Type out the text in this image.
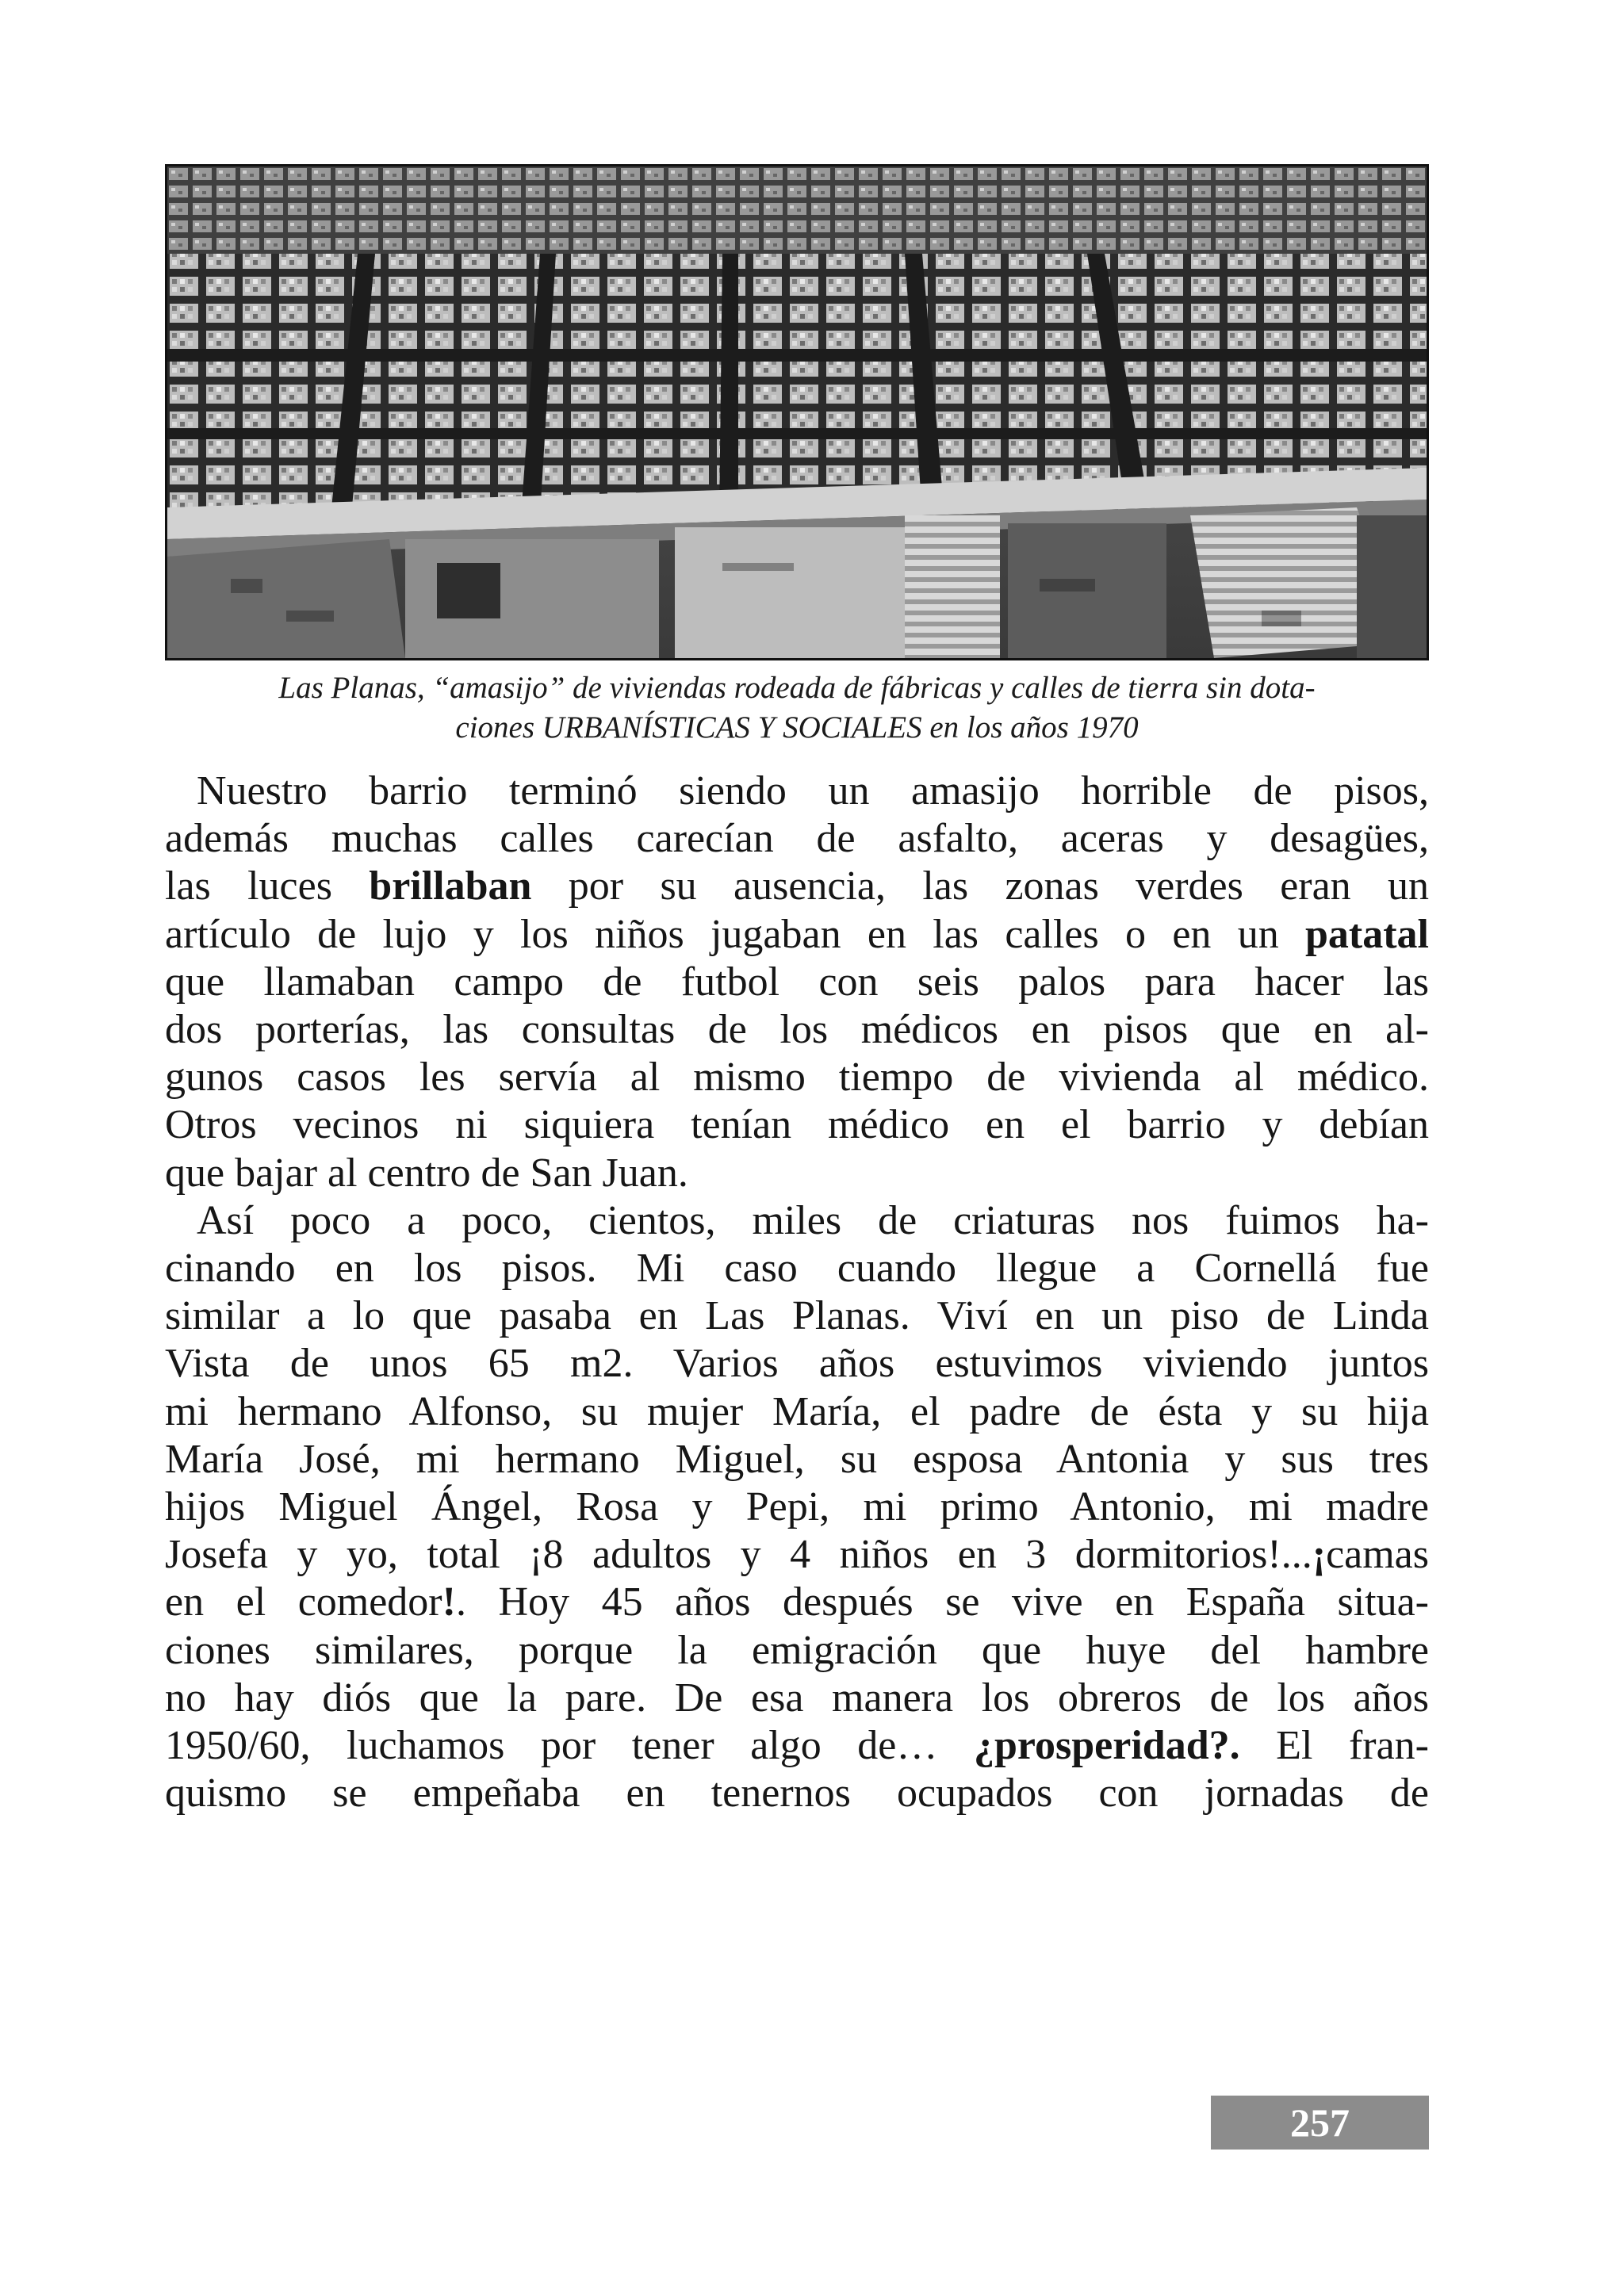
Las Planas, “amasijo” de viviendas rodeada de fábricas y calles de tierra sin dota-
ciones URBANÍSTICAS Y SOCIALES en los años 1970

Nuestro barrio terminó siendo un amasijo horrible de pisos,
además muchas calles carecían de asfalto, aceras y desagües,
las luces brillaban por su ausencia, las zonas verdes eran un
artículo de lujo y los niños jugaban en las calles o en un patatal
que llamaban campo de futbol con seis palos para hacer las
dos porterías, las consultas de los médicos en pisos que en al-
gunos casos les servía al mismo tiempo de vivienda al médico.
Otros vecinos ni siquiera tenían médico en el barrio y debían
que bajar al centro de San Juan.
Así poco a poco, cientos, miles de criaturas nos fuimos ha-
cinando en los pisos. Mi caso cuando llegue a Cornellá fue
similar a lo que pasaba en Las Planas. Viví en un piso de Linda
Vista de unos 65 m2. Varios años estuvimos viviendo juntos
mi hermano Alfonso, su mujer María, el padre de ésta y su hija
María José, mi hermano Miguel, su esposa Antonia y sus tres
hijos Miguel Ángel, Rosa y Pepi, mi primo Antonio, mi madre
Josefa y yo, total ¡8 adultos y 4 niños en 3 dormitorios!...¡camas
en el comedor!. Hoy 45 años después se vive en España situa-
ciones similares, porque la emigración que huye del hambre
no hay diós que la pare. De esa manera los obreros de los años
1950/60, luchamos por tener algo de… ¿prosperidad?. El fran-
quismo se empeñaba en tenernos ocupados con jornadas de
257
